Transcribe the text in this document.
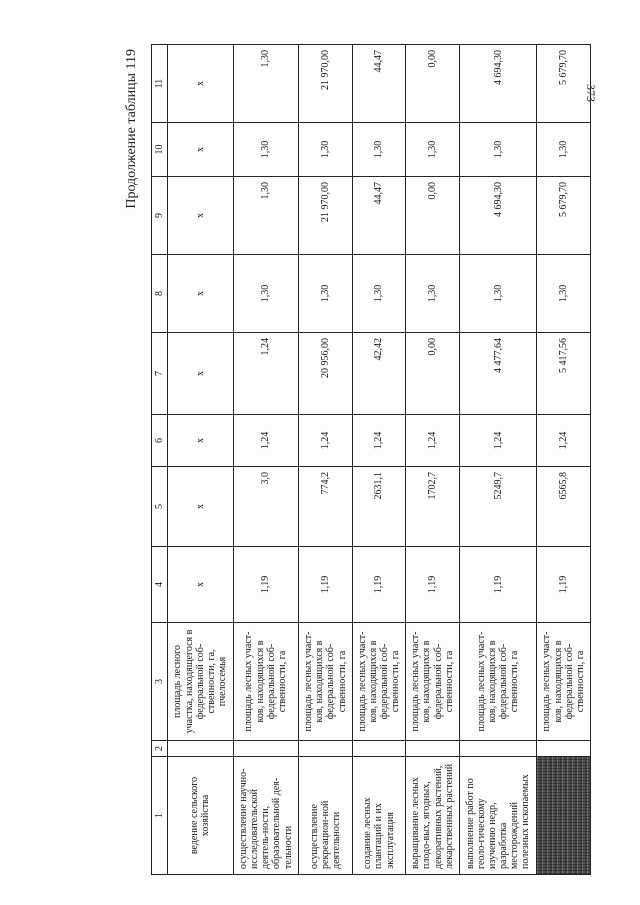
373
Продолжение таблицы 119
1	2	3	4	5	6	7	8	9	10	11
ведение сельского хозяйства		площадь лесного участка, находящегося в федеральной соб-ственности, га, пчелосемья	х	х	х	х	х	х	х	х
осуществление научно-исследовательской деятель-ности, образовательной дея-тельности		площадь лесных участ-ков, находящихся в федеральной соб-ственности, га	1,19	3,0	1,24	1,24	1,30	1,30	1,30	1,30
осуществление рекреацион-ной деятельности		площадь лесных участ-ков, находящихся в федеральной соб-ственности, га	1,19	774,2	1,24	20 956,00	1,30	21 970,00	1,30	21 970,00
создание лесных плантаций и их эксплуатация		площадь лесных участ-ков, находящихся в федеральной соб-ственности, га	1,19	2631,1	1,24	42,42	1,30	44,47	1,30	44,47
выращивание лесных плодо-вых, ягодных, декоративных растений, лекарственных растений		площадь лесных участ-ков, находящихся в федеральной соб-ственности, га	1,19	1702,7	1,24	0,00	1,30	0,00	1,30	0,00
выполнение работ по геоло-гическому изучению недр, разработка месторождений полезных ископаемых		площадь лесных участ-ков, находящихся в федеральной соб-ственности, га	1,19	5249,7	1,24	4 477,64	1,30	4 694,30	1,30	4 694,30

		площадь лесных участ-ков, находящихся в федеральной соб-ственности, га	1,19	6565,8	1,24	5 417,56	1,30	5 679,70	1,30	5 679,70
